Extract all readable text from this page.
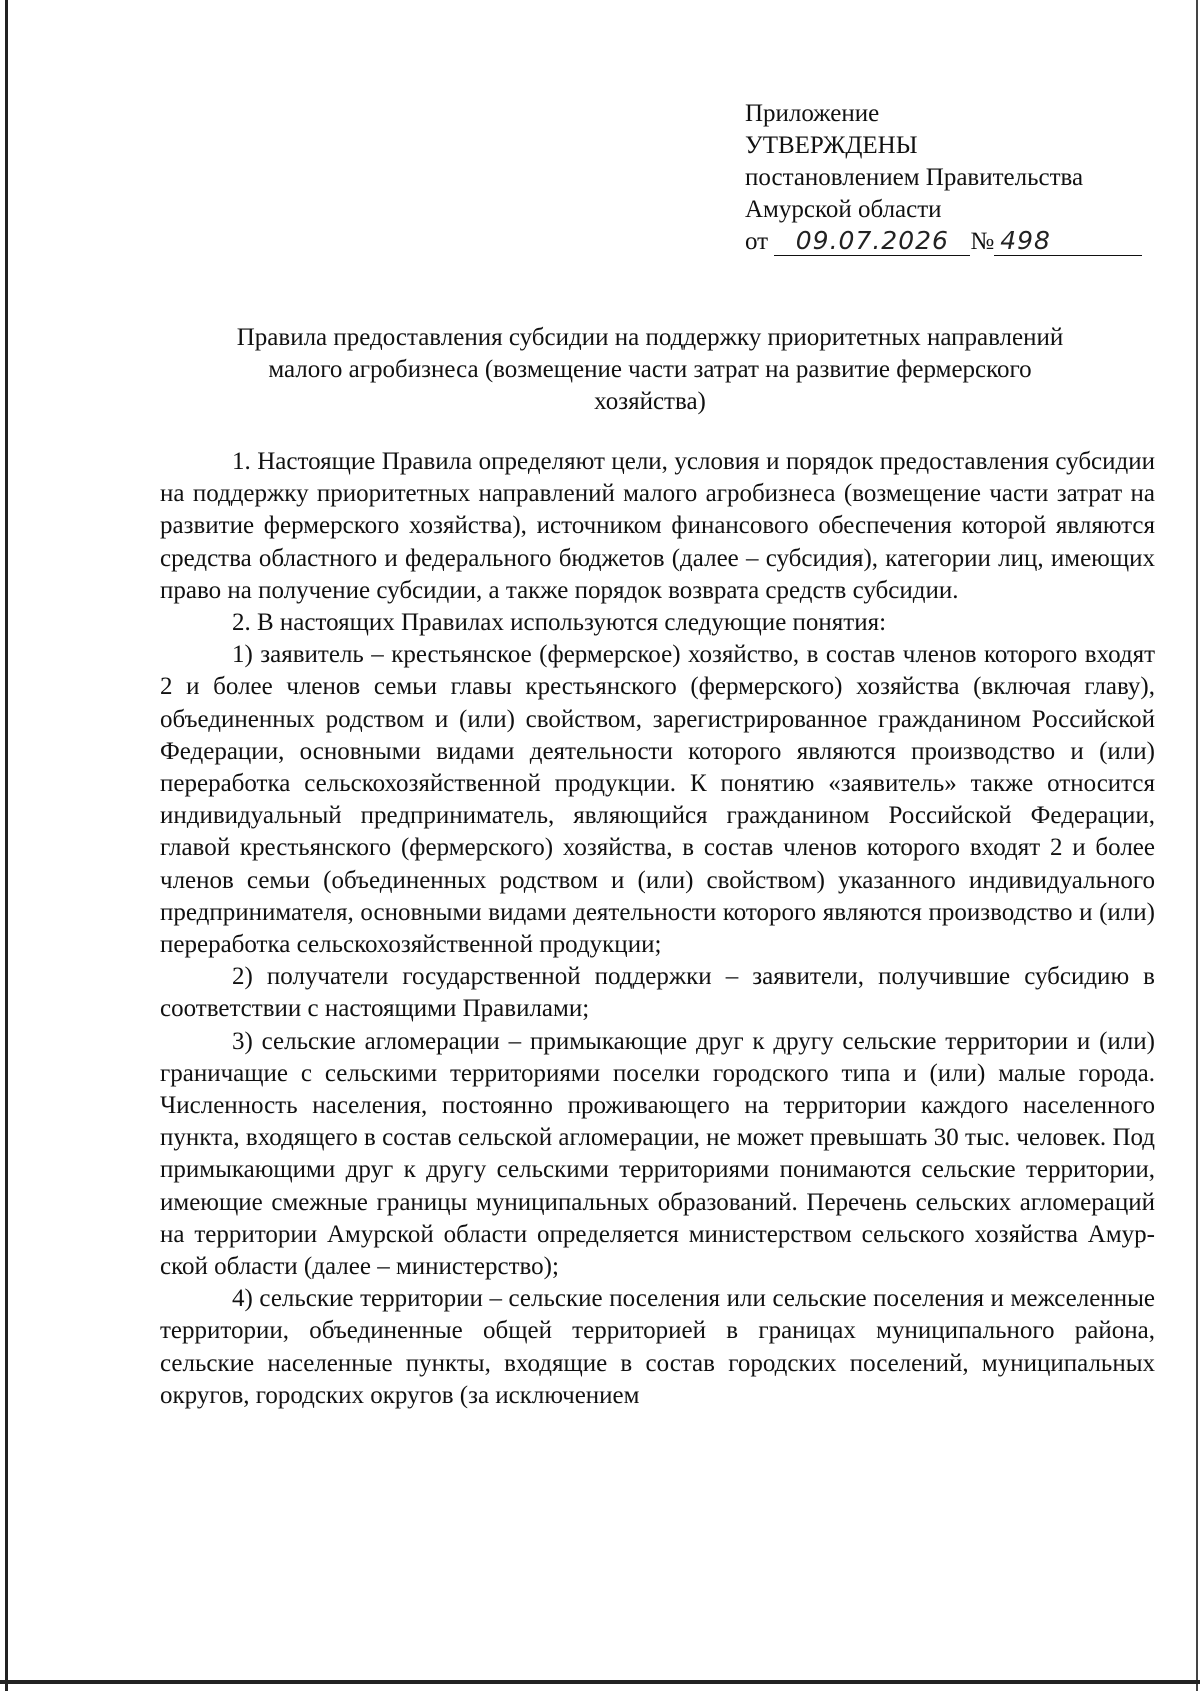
Приложение
УТВЕРЖДЕНЫ
постановлением Правительства
Амурской области
от 09.07.2026 № 498
Правила предоставления субсидии на поддержку приоритетных направлений
малого агробизнеса (возмещение части затрат на развитие фермерского
хозяйства)

1. Настоящие Правила определяют цели, условия и порядок предоставления субсидии на поддержку приоритетных направлений малого агробизнеса (возмещение части затрат на развитие фермерского хозяйства), источником финансового обеспечения которой являются средства областного и федерального бюджетов (далее – субсидия), категории лиц, имеющих право на получение субсидии, а также порядок возврата средств субсидии.

2. В настоящих Правилах используются следующие понятия:

1) заявитель – крестьянское (фермерское) хозяйство, в состав членов которого входят 2 и более членов семьи главы крестьянского (фермерского) хозяйства (включая главу), объединенных родством и (или) свойством, зарегистрированное гражданином Российской Федерации, основными видами деятельности которого являются производство и (или) переработка сельскохозяйственной продукции. К понятию «заявитель» также относится индивидуальный предприниматель, являющийся гражданином Российской Федерации, главой крестьянского (фермерского) хозяйства, в состав членов которого входят 2 и более членов семьи (объединенных родством и (или) свойством) указанного индивидуального предпринимателя, основными видами деятельности которого являются производство и (или) переработка сельскохозяйственной продукции;

2) получатели государственной поддержки – заявители, получившие субсидию в соответствии с настоящими Правилами;

3) сельские агломерации – примыкающие друг к другу сельские территории и (или) граничащие с сельскими территориями поселки городского типа и (или) малые города. Численность населения, постоянно проживающего на территории каждого населенного пункта, входящего в состав сельской агломерации, не может превышать 30 тыс. человек. Под примыкающими друг к другу сельскими территориями понимаются сельские территории, имеющие смежные границы муниципальных образований. Перечень сельских агломераций на территории Амурской области определяется министерством сельского хозяйства Амурской области (далее – министерство);

4) сельские территории – сельские поселения или сельские поселения и межселенные территории, объединенные общей территорией в границах муниципального района, сельские населенные пункты, входящие в состав городских поселений, муниципальных округов, городских округов (за исключением
